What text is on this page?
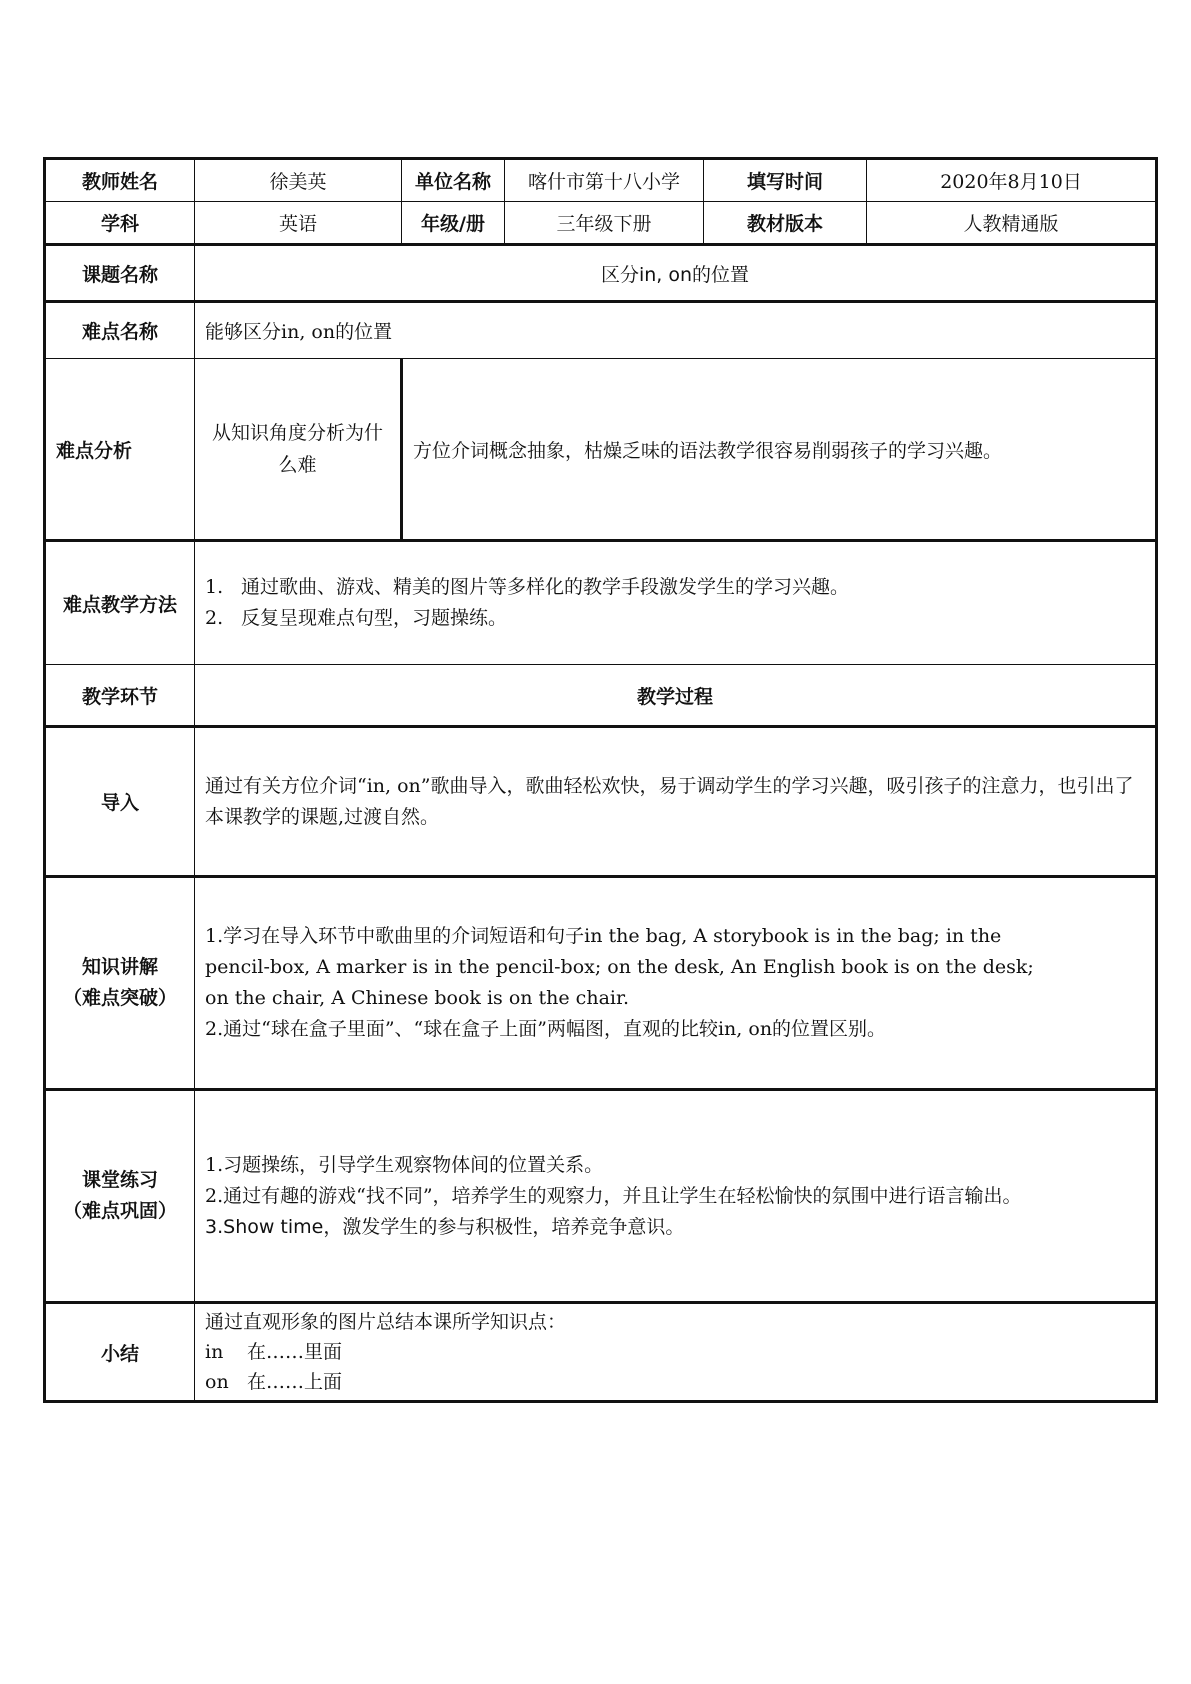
教师姓名	徐美英	单位名称	喀什市第十八小学	填写时间	2020年8月10日
学科	英语	年级/册	三年级下册	教材版本	人教精通版
课题名称	区分in, on的位置				
难点名称	能够区分in, on的位置				
难点分析	从知识角度分析为什么难	方位介词概念抽象，枯燥乏味的语法教学很容易削弱孩子的学习兴趣。			
难点教学方法	1. 通过歌曲、游戏、精美的图片等多样化的教学手段激发学生的学习兴趣。
2. 反复呈现难点句型，习题操练。				

教学环节	教学过程				
导入	通过有关方位介词“in, on”歌曲导入，歌曲轻松欢快，易于调动学生的学习兴趣，吸引孩子的注意力，也引出了本课教学的课题,过渡自然。				

知识讲解
（难点突破）	1.学习在导入环节中歌曲里的介词短语和句子in the bag, A storybook is in the bag; in the
pencil-box, A marker is in the pencil-box; on the desk, An English book is on the desk;
on the chair, A Chinese book is on the chair.
2.通过“球在盒子里面”、“球在盒子上面”两幅图，直观的比较in, on的位置区别。				

课堂练习
（难点巩固）	1.习题操练，引导学生观察物体间的位置关系。
2.通过有趣的游戏“找不同”，培养学生的观察力，并且让学生在轻松愉快的氛围中进行语言输出。
3.Show time，激发学生的参与积极性，培养竞争意识。				

小结	通过直观形象的图片总结本课所学知识点：
in 在……里面
on 在……上面				
